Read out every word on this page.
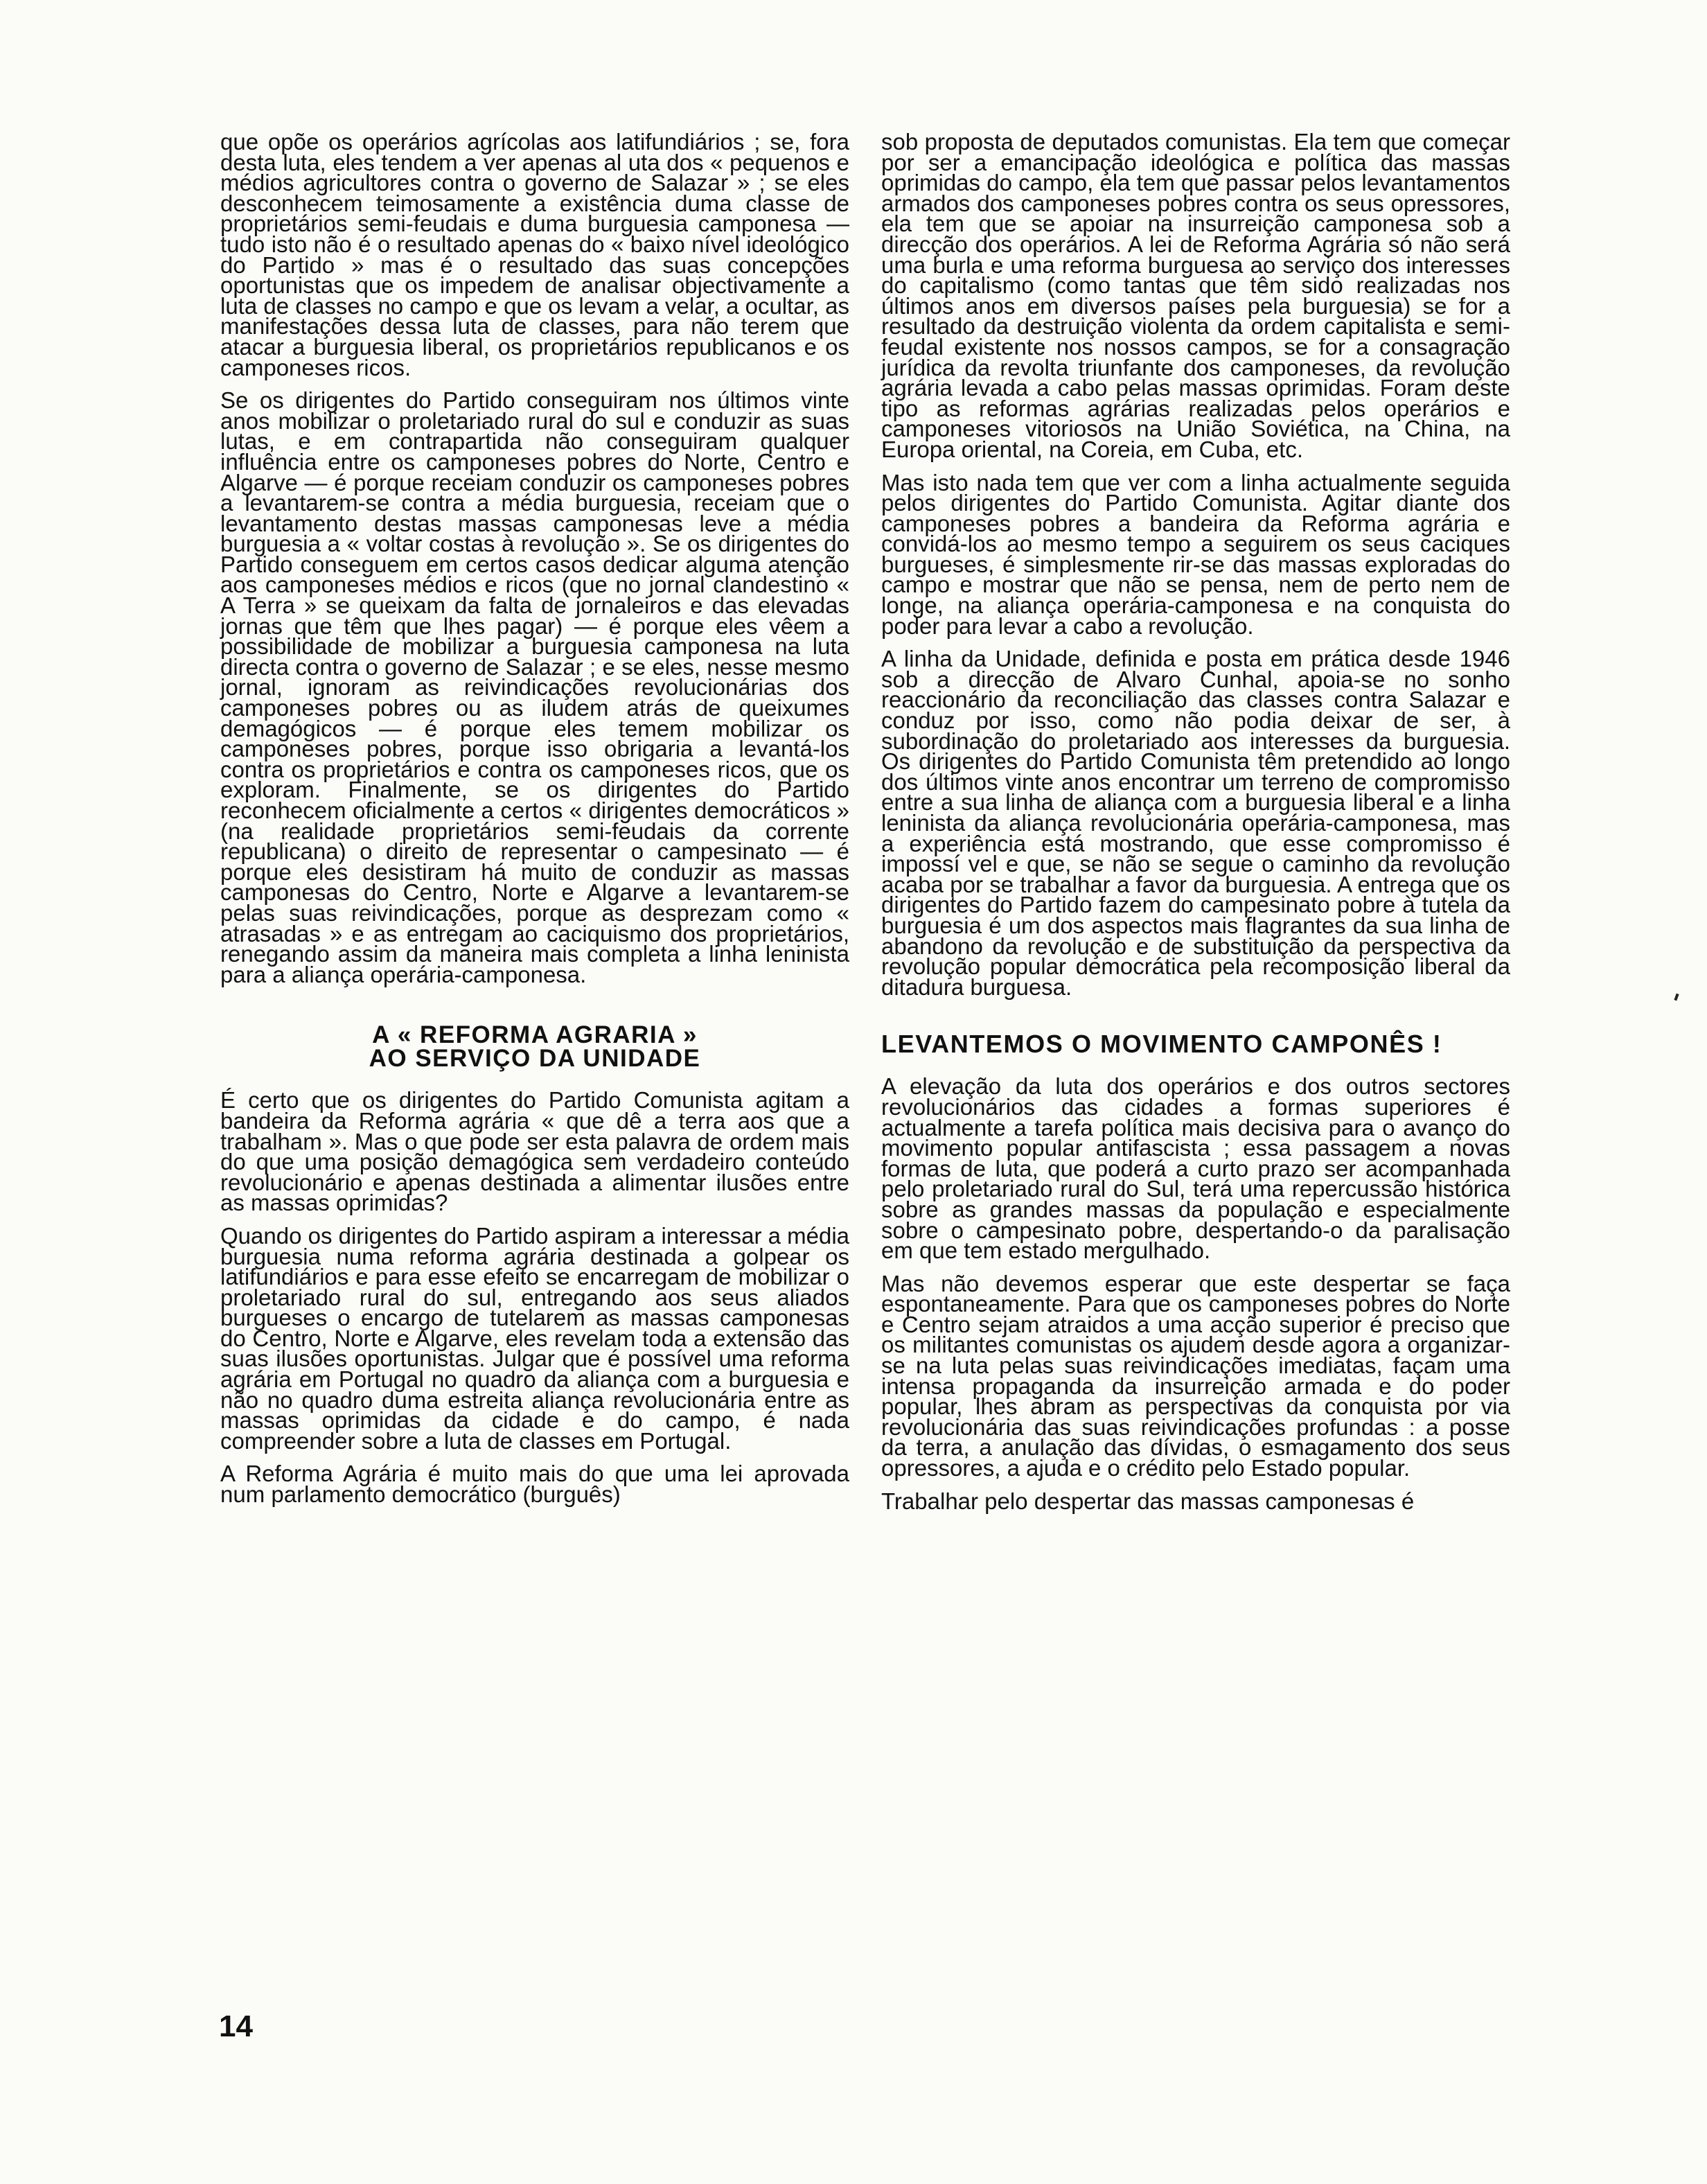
que opõe os operários agrícolas aos latifundiários ; se, fora desta luta, eles tendem a ver apenas al uta dos « pequenos e médios agricultores contra o governo de Salazar » ; se eles desconhecem teimosamente a existência duma classe de proprietários semi-feudais e duma burguesia camponesa — tudo isto não é o resultado apenas do « baixo nível ideológico do Partido » mas é o resultado das suas concepções oportunistas que os impedem de analisar objectivamente a luta de classes no campo e que os levam a velar, a ocultar, as manifestações dessa luta de classes, para não terem que atacar a burguesia liberal, os proprietários republicanos e os camponeses ricos.

Se os dirigentes do Partido conseguiram nos últimos vinte anos mobilizar o proletariado rural do sul e conduzir as suas lutas, e em contrapartida não conseguiram qualquer influência entre os camponeses pobres do Norte, Centro e Algarve — é porque receiam conduzir os camponeses pobres a levantarem-se contra a média burguesia, receiam que o levantamento destas massas camponesas leve a média burguesia a « voltar costas à revolução ». Se os dirigentes do Partido conseguem em certos casos dedicar alguma atenção aos camponeses médios e ricos (que no jornal clandestino « A Terra » se queixam da falta de jornaleiros e das elevadas jornas que têm que lhes pagar) — é porque eles vêem a possibilidade de mobilizar a burguesia camponesa na luta directa contra o governo de Salazar ; e se eles, nesse mesmo jornal, ignoram as reivindicações revolucionárias dos camponeses pobres ou as iludem atrás de queixumes demagógicos — é porque eles temem mobilizar os camponeses pobres, porque isso obrigaria a levantá-los contra os proprietários e contra os camponeses ricos, que os exploram. Finalmente, se os dirigentes do Partido reconhecem oficialmente a certos « dirigentes democráticos » (na realidade proprietários semi-feudais da corrente republicana) o direito de representar o campesinato — é porque eles desistiram há muito de conduzir as massas camponesas do Centro, Norte e Algarve a levantarem-se pelas suas reivindicações, porque as desprezam como « atrasadas » e as entregam ao caciquismo dos proprietários, renegando assim da maneira mais completa a linha leninista para a aliança operária-camponesa.

A « REFORMA AGRARIA »
AO SERVIÇO DA UNIDADE

É certo que os dirigentes do Partido Comunista agitam a bandeira da Reforma agrária « que dê a terra aos que a trabalham ». Mas o que pode ser esta palavra de ordem mais do que uma posição demagógica sem verdadeiro conteúdo revolucionário e apenas destinada a alimentar ilusões entre as massas oprimidas?

Quando os dirigentes do Partido aspiram a interessar a média burguesia numa reforma agrária destinada a golpear os latifundiários e para esse efeito se encarregam de mobilizar o proletariado rural do sul, entregando aos seus aliados burgueses o encargo de tutelarem as massas camponesas do Centro, Norte e Algarve, eles revelam toda a extensão das suas ilusões oportunistas. Julgar que é possível uma reforma agrária em Portugal no quadro da aliança com a burguesia e não no quadro duma estreita aliança revolucionária entre as massas oprimidas da cidade e do campo, é nada compreender sobre a luta de classes em Portugal.

A Reforma Agrária é muito mais do que uma lei aprovada num parlamento democrático (burguês)

sob proposta de deputados comunistas. Ela tem que começar por ser a emancipação ideológica e política das massas oprimidas do campo, ela tem que passar pelos levantamentos armados dos camponeses pobres contra os seus opressores, ela tem que se apoiar na insurreição camponesa sob a direcção dos operários. A lei de Reforma Agrária só não será uma burla e uma reforma burguesa ao serviço dos interesses do capitalismo (como tantas que têm sido realizadas nos últimos anos em diversos países pela burguesia) se for a resultado da destruição violenta da ordem capitalista e semi-feudal existente nos nossos campos, se for a consagração jurídica da revolta triunfante dos camponeses, da revolução agrária levada a cabo pelas massas oprimidas. Foram deste tipo as reformas agrárias realizadas pelos operários e camponeses vitoriosos na União Soviética, na China, na Europa oriental, na Coreia, em Cuba, etc.

Mas isto nada tem que ver com a linha actualmente seguida pelos dirigentes do Partido Comunista. Agitar diante dos camponeses pobres a bandeira da Reforma agrária e convidá-los ao mesmo tempo a seguirem os seus caciques burgueses, é simplesmente rir-se das massas exploradas do campo e mostrar que não se pensa, nem de perto nem de longe, na aliança operária-camponesa e na conquista do poder para levar a cabo a revolução.

A linha da Unidade, definida e posta em prática desde 1946 sob a direcção de Alvaro Cunhal, apoia-se no sonho reaccionário da reconciliação das classes contra Salazar e conduz por isso, como não podia deixar de ser, à subordinação do proletariado aos interesses da burguesia. Os dirigentes do Partido Comunista têm pretendido ao longo dos últimos vinte anos encontrar um terreno de compromisso entre a sua linha de aliança com a burguesia liberal e a linha leninista da aliança revolucionária operária-camponesa, mas a experiência está mostrando, que esse compromisso é impossí vel e que, se não se segue o caminho da revolução acaba por se trabalhar a favor da burguesia. A entrega que os dirigentes do Partido fazem do campesinato pobre à tutela da burguesia é um dos aspectos mais flagrantes da sua linha de abandono da revolução e de substituição da perspectiva da revolução popular democrática pela recomposição liberal da ditadura burguesa.

LEVANTEMOS O MOVIMENTO CAMPONÊS !

A elevação da luta dos operários e dos outros sectores revolucionários das cidades a formas superiores é actualmente a tarefa política mais decisiva para o avanço do movimento popular antifascista ; essa passagem a novas formas de luta, que poderá a curto prazo ser acompanhada pelo proletariado rural do Sul, terá uma repercussão histórica sobre as grandes massas da população e especialmente sobre o campesinato pobre, despertando-o da paralisação em que tem estado mergulhado.

Mas não devemos esperar que este despertar se faça espontaneamente. Para que os camponeses pobres do Norte e Centro sejam atraidos a uma acção superior é preciso que os militantes comunistas os ajudem desde agora a organizar-se na luta pelas suas reivindicações imediatas, façam uma intensa propaganda da insurreição armada e do poder popular, lhes abram as perspectivas da conquista por via revolucionária das suas reivindicações profundas : a posse da terra, a anulação das dívidas, o esmagamento dos seus opressores, a ajuda e o crédito pelo Estado popular.

Trabalhar pelo despertar das massas camponesas é

14
